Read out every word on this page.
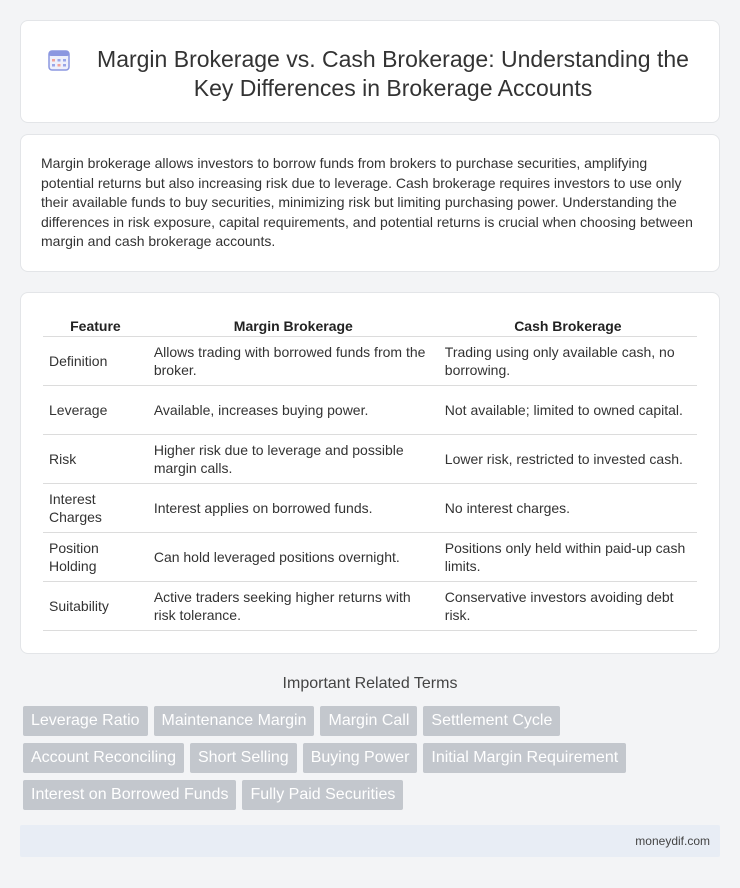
Margin Brokerage vs. Cash Brokerage: Understanding the Key Differences in Brokerage Accounts

Margin brokerage allows investors to borrow funds from brokers to purchase securities, amplifying potential returns but also increasing risk due to leverage. Cash brokerage requires investors to use only their available funds to buy securities, minimizing risk but limiting purchasing power. Understanding the differences in risk exposure, capital requirements, and potential returns is crucial when choosing between margin and cash brokerage accounts.

Feature	Margin Brokerage	Cash Brokerage
Definition	Allows trading with borrowed funds from the broker.	Trading using only available cash, no borrowing.
Leverage	Available, increases buying power.	Not available; limited to owned capital.
Risk	Higher risk due to leverage and possible margin calls.	Lower risk, restricted to invested cash.
Interest Charges	Interest applies on borrowed funds.	No interest charges.
Position Holding	Can hold leveraged positions overnight.	Positions only held within paid-up cash limits.
Suitability	Active traders seeking higher returns with risk tolerance.	Conservative investors avoiding debt risk.
Important Related Terms
Leverage Ratio	Maintenance Margin	Margin Call	Settlement Cycle
Account Reconciling	Short Selling	Buying Power	Initial Margin Requirement
Interest on Borrowed Funds	Fully Paid Securities
moneydif.com
